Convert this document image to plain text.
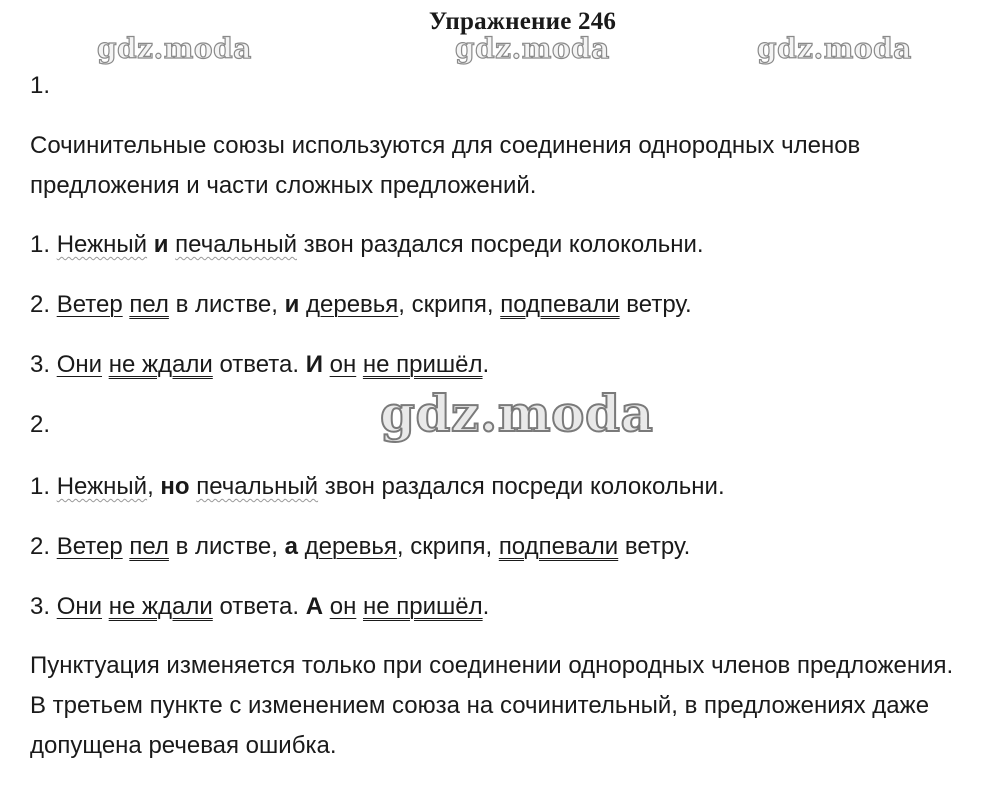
Упражнение 246
gdz.moda	gdz.moda	gdz.moda
1.
Сочинительные союзы используются для соединения однородных членов предложения и части сложных предложений.
1. Нежный и печальный звон раздался посреди колокольни.
2. Ветер пел в листве, и деревья, скрипя, подпевали ветру.
3. Они не ждали ответа. И он не пришёл.
2.	gdz.moda
1. Нежный, но печальный звон раздался посреди колокольни.
2. Ветер пел в листве, а деревья, скрипя, подпевали ветру.
3. Они не ждали ответа. А он не пришёл.
Пунктуация изменяется только при соединении однородных членов предложения. В третьем пункте с изменением союза на сочинительный, в предложениях даже допущена речевая ошибка.
